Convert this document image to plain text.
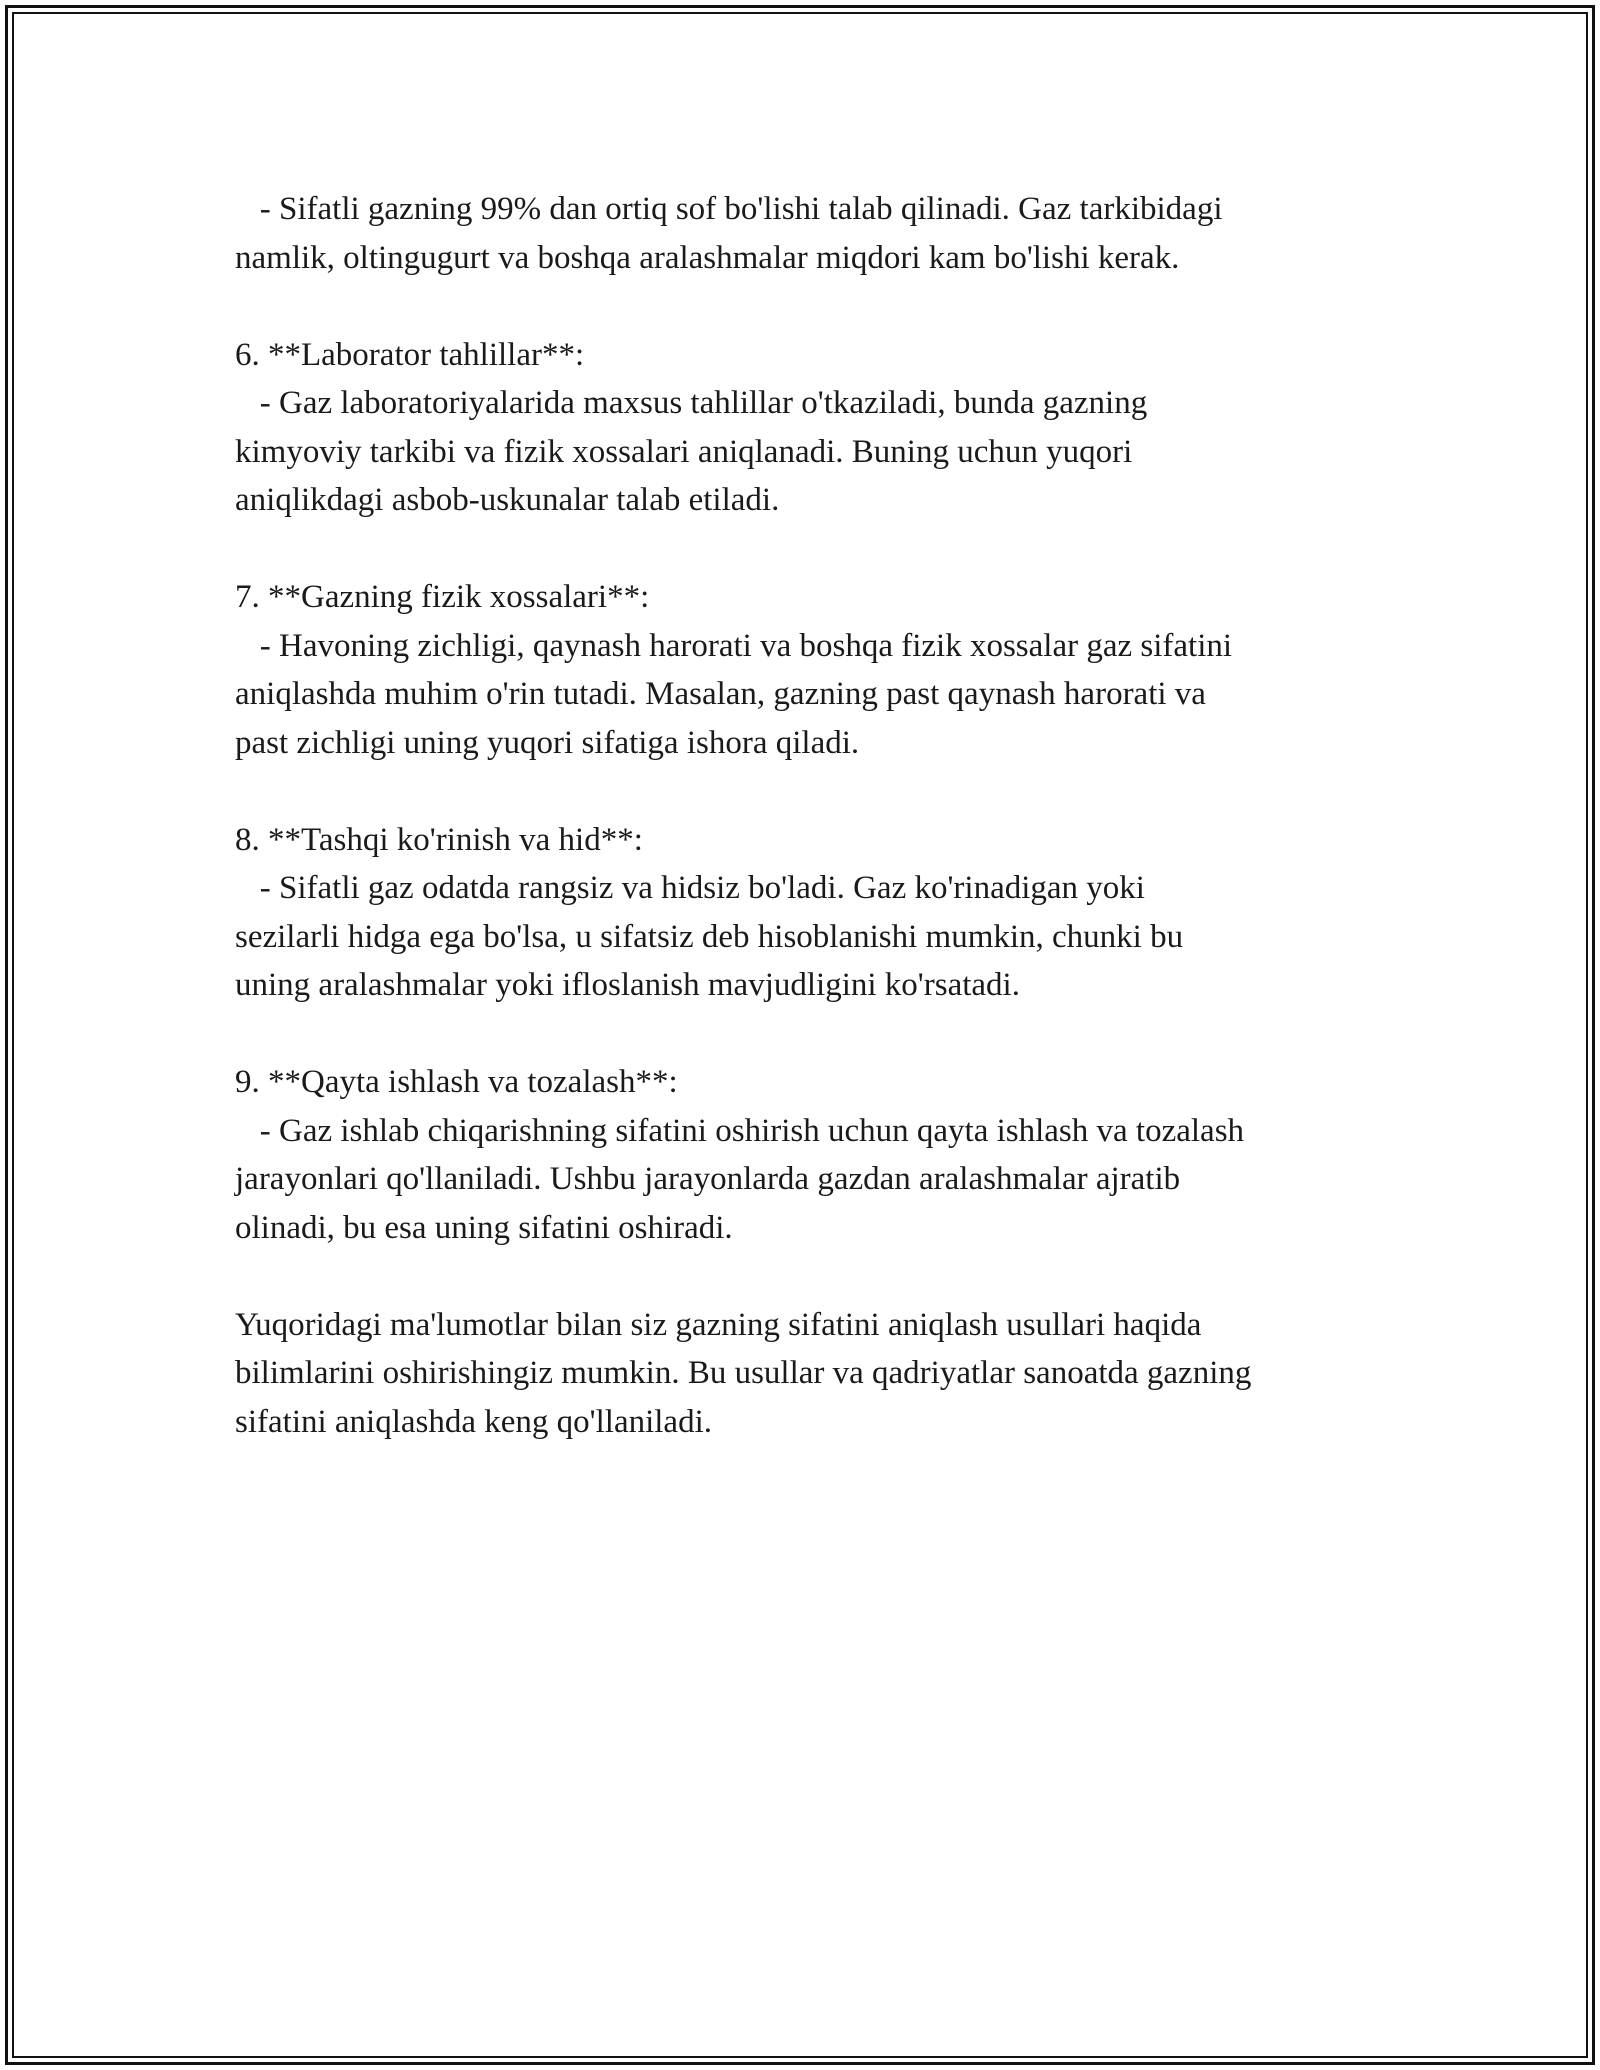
- Sifatli gazning 99% dan ortiq sof bo'lishi talab qilinadi. Gaz tarkibidagi
namlik, oltingugurt va boshqa aralashmalar miqdori kam bo'lishi kerak.
6. **Laborator tahlillar**:
- Gaz laboratoriyalarida maxsus tahlillar o'tkaziladi, bunda gazning
kimyoviy tarkibi va fizik xossalari aniqlanadi. Buning uchun yuqori
aniqlikdagi asbob-uskunalar talab etiladi.
7. **Gazning fizik xossalari**:
- Havoning zichligi, qaynash harorati va boshqa fizik xossalar gaz sifatini
aniqlashda muhim o'rin tutadi. Masalan, gazning past qaynash harorati va
past zichligi uning yuqori sifatiga ishora qiladi.
8. **Tashqi ko'rinish va hid**:
- Sifatli gaz odatda rangsiz va hidsiz bo'ladi. Gaz ko'rinadigan yoki
sezilarli hidga ega bo'lsa, u sifatsiz deb hisoblanishi mumkin, chunki bu
uning aralashmalar yoki ifloslanish mavjudligini ko'rsatadi.
9. **Qayta ishlash va tozalash**:
- Gaz ishlab chiqarishning sifatini oshirish uchun qayta ishlash va tozalash
jarayonlari qo'llaniladi. Ushbu jarayonlarda gazdan aralashmalar ajratib
olinadi, bu esa uning sifatini oshiradi.
Yuqoridagi ma'lumotlar bilan siz gazning sifatini aniqlash usullari haqida
bilimlarini oshirishingiz mumkin. Bu usullar va qadriyatlar sanoatda gazning
sifatini aniqlashda keng qo'llaniladi.
